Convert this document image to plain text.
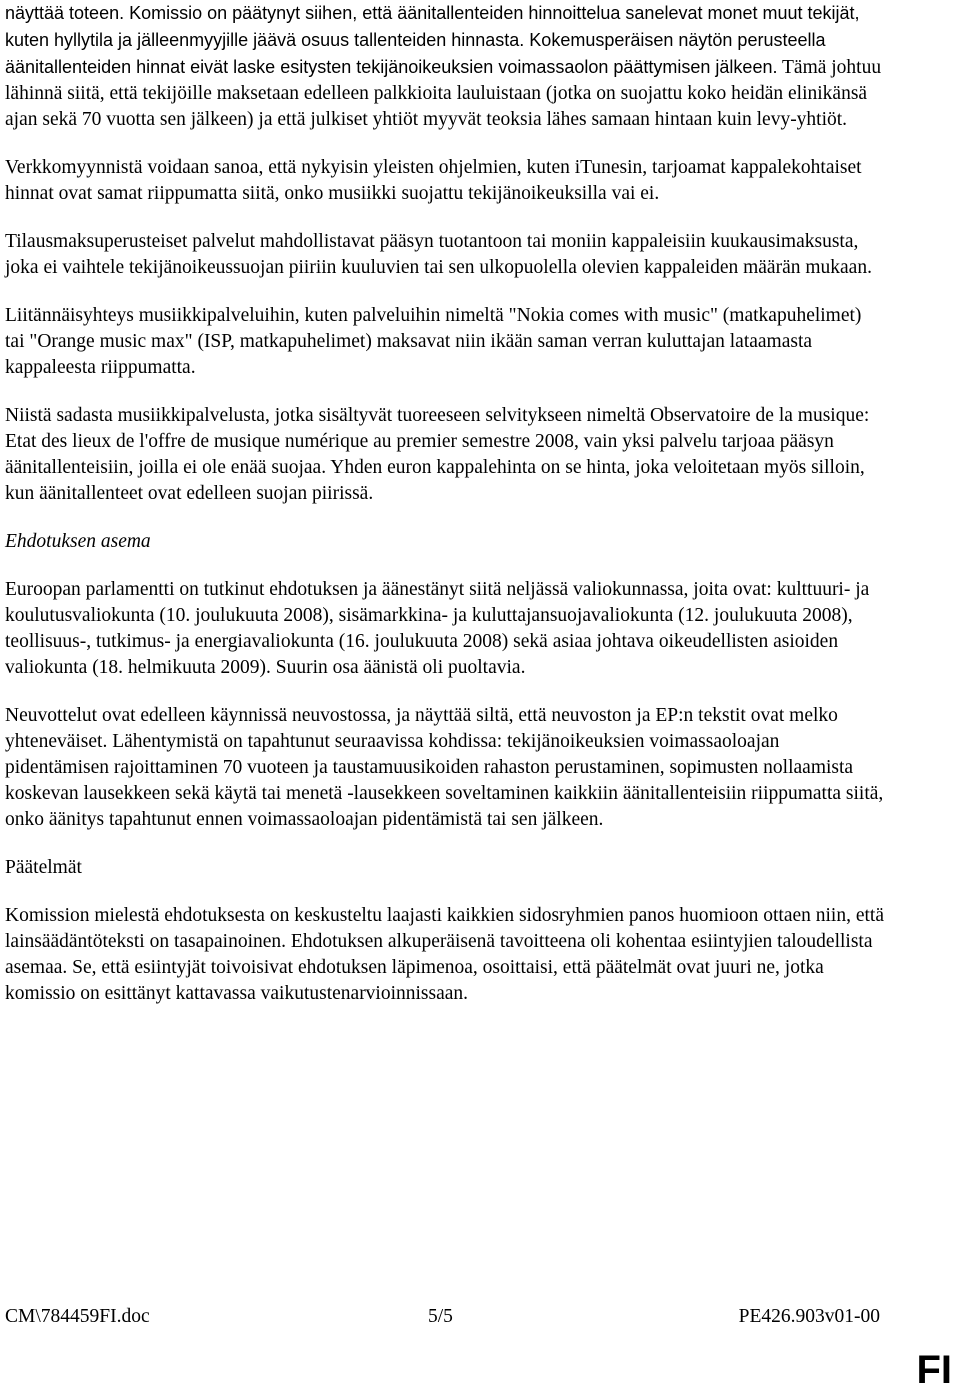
näyttää toteen. Komissio on päätynyt siihen, että äänitallenteiden hinnoittelua sanelevat monet muut tekijät, kuten hyllytila ja jälleenmyyjille jäävä osuus tallenteiden hinnasta. Kokemusperäisen näytön perusteella äänitallenteiden hinnat eivät laske esitysten tekijänoikeuksien voimassaolon päättymisen jälkeen. Tämä johtuu lähinnä siitä, että tekijöille maksetaan edelleen palkkioita lauluistaan (jotka on suojattu koko heidän elinikänsä ajan sekä 70 vuotta sen jälkeen) ja että julkiset yhtiöt myyvät teoksia lähes samaan hintaan kuin levy-yhtiöt.

Verkkomyynnistä voidaan sanoa, että nykyisin yleisten ohjelmien, kuten iTunesin, tarjoamat kappalekohtaiset hinnat ovat samat riippumatta siitä, onko musiikki suojattu tekijänoikeuksilla vai ei.

Tilausmaksuperusteiset palvelut mahdollistavat pääsyn tuotantoon tai moniin kappaleisiin kuukausimaksusta, joka ei vaihtele tekijänoikeussuojan piiriin kuuluvien tai sen ulkopuolella olevien kappaleiden määrän mukaan.

Liitännäisyhteys musiikkipalveluihin, kuten palveluihin nimeltä "Nokia comes with music" (matkapuhelimet) tai "Orange music max" (ISP, matkapuhelimet) maksavat niin ikään saman verran kuluttajan lataamasta kappaleesta riippumatta.

Niistä sadasta musiikkipalvelusta, jotka sisältyvät tuoreeseen selvitykseen nimeltä Observatoire de la musique: Etat des lieux de l'offre de musique numérique au premier semestre 2008, vain yksi palvelu tarjoaa pääsyn äänitallenteisiin, joilla ei ole enää suojaa. Yhden euron kappalehinta on se hinta, joka veloitetaan myös silloin, kun äänitallenteet ovat edelleen suojan piirissä.

Ehdotuksen asema

Euroopan parlamentti on tutkinut ehdotuksen ja äänestänyt siitä neljässä valiokunnassa, joita ovat: kulttuuri- ja koulutusvaliokunta (10. joulukuuta 2008), sisämarkkina- ja kuluttajansuojavaliokunta (12. joulukuuta 2008), teollisuus-, tutkimus- ja energiavaliokunta (16. joulukuuta 2008) sekä asiaa johtava oikeudellisten asioiden valiokunta (18. helmikuuta 2009). Suurin osa äänistä oli puoltavia.

Neuvottelut ovat edelleen käynnissä neuvostossa, ja näyttää siltä, että neuvoston ja EP:n tekstit ovat melko yhteneväiset. Lähentymistä on tapahtunut seuraavissa kohdissa: tekijänoikeuksien voimassaoloajan pidentämisen rajoittaminen 70 vuoteen ja taustamuusikoiden rahaston perustaminen, sopimusten nollaamista koskevan lausekkeen sekä käytä tai menetä -lausekkeen soveltaminen kaikkiin äänitallenteisiin riippumatta siitä, onko äänitys tapahtunut ennen voimassaoloajan pidentämistä tai sen jälkeen.

Päätelmät

Komission mielestä ehdotuksesta on keskusteltu laajasti kaikkien sidosryhmien panos huomioon ottaen niin, että lainsäädäntöteksti on tasapainoinen. Ehdotuksen alkuperäisenä tavoitteena oli kohentaa esiintyjien taloudellista asemaa. Se, että esiintyjät toivoisivat ehdotuksen läpimenoa, osoittaisi, että päätelmät ovat juuri ne, jotka komissio on esittänyt kattavassa vaikutustenarvioinnissaan.

CM\784459FI.doc	5/5	PE426.903v01-00
FI
